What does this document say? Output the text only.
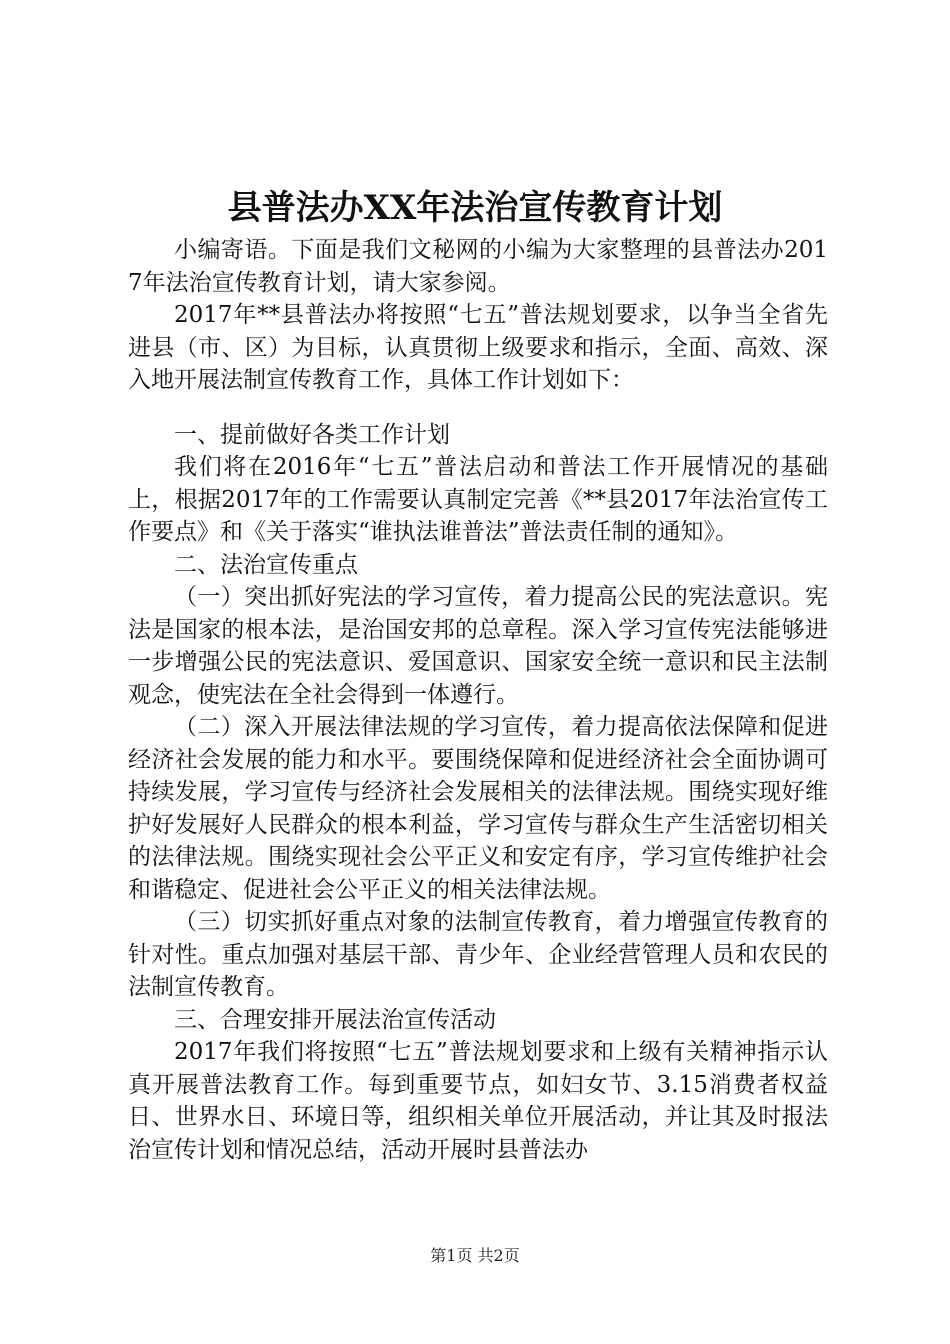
县普法办XX年法治宣传教育计划

小编寄语。下面是我们文秘网的小编为大家整理的县普法办2017年法治宣传教育计划，请大家参阅。

2017年**县普法办将按照“七五”普法规划要求，以争当全省先进县（市、区）为目标，认真贯彻上级要求和指示，全面、高效、深入地开展法制宣传教育工作，具体工作计划如下：

一、提前做好各类工作计划

我们将在2016年“七五”普法启动和普法工作开展情况的基础上，根据2017年的工作需要认真制定完善《**县2017年法治宣传工作要点》和《关于落实“谁执法谁普法”普法责任制的通知》。

二、法治宣传重点

（一）突出抓好宪法的学习宣传，着力提高公民的宪法意识。宪法是国家的根本法，是治国安邦的总章程。深入学习宣传宪法能够进一步增强公民的宪法意识、爱国意识、国家安全统一意识和民主法制观念，使宪法在全社会得到一体遵行。

（二）深入开展法律法规的学习宣传，着力提高依法保障和促进经济社会发展的能力和水平。要围绕保障和促进经济社会全面协调可持续发展，学习宣传与经济社会发展相关的法律法规。围绕实现好维护好发展好人民群众的根本利益，学习宣传与群众生产生活密切相关的法律法规。围绕实现社会公平正义和安定有序，学习宣传维护社会和谐稳定、促进社会公平正义的相关法律法规。

（三）切实抓好重点对象的法制宣传教育，着力增强宣传教育的针对性。重点加强对基层干部、青少年、企业经营管理人员和农民的法制宣传教育。

三、合理安排开展法治宣传活动

2017年我们将按照“七五”普法规划要求和上级有关精神指示认真开展普法教育工作。每到重要节点，如妇女节、3.15消费者权益日、世界水日、环境日等，组织相关单位开展活动，并让其及时报法治宣传计划和情况总结，活动开展时县普法办

第1页 共2页
